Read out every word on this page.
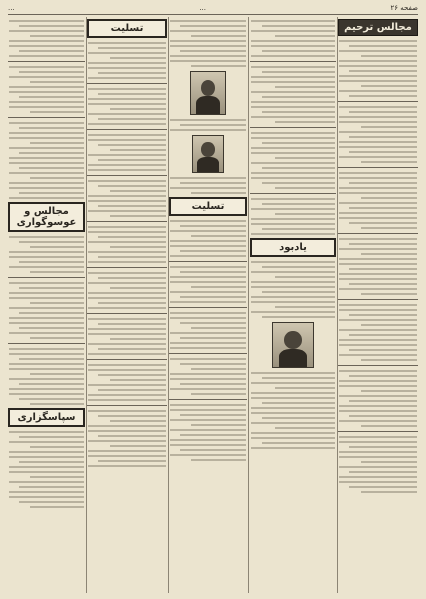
صفحه ۲۶
...
...
مجالس و عوسوگواری
سپاسگزاری
تسلیت
تسلیت
یادبود
مجالس ترحیم
